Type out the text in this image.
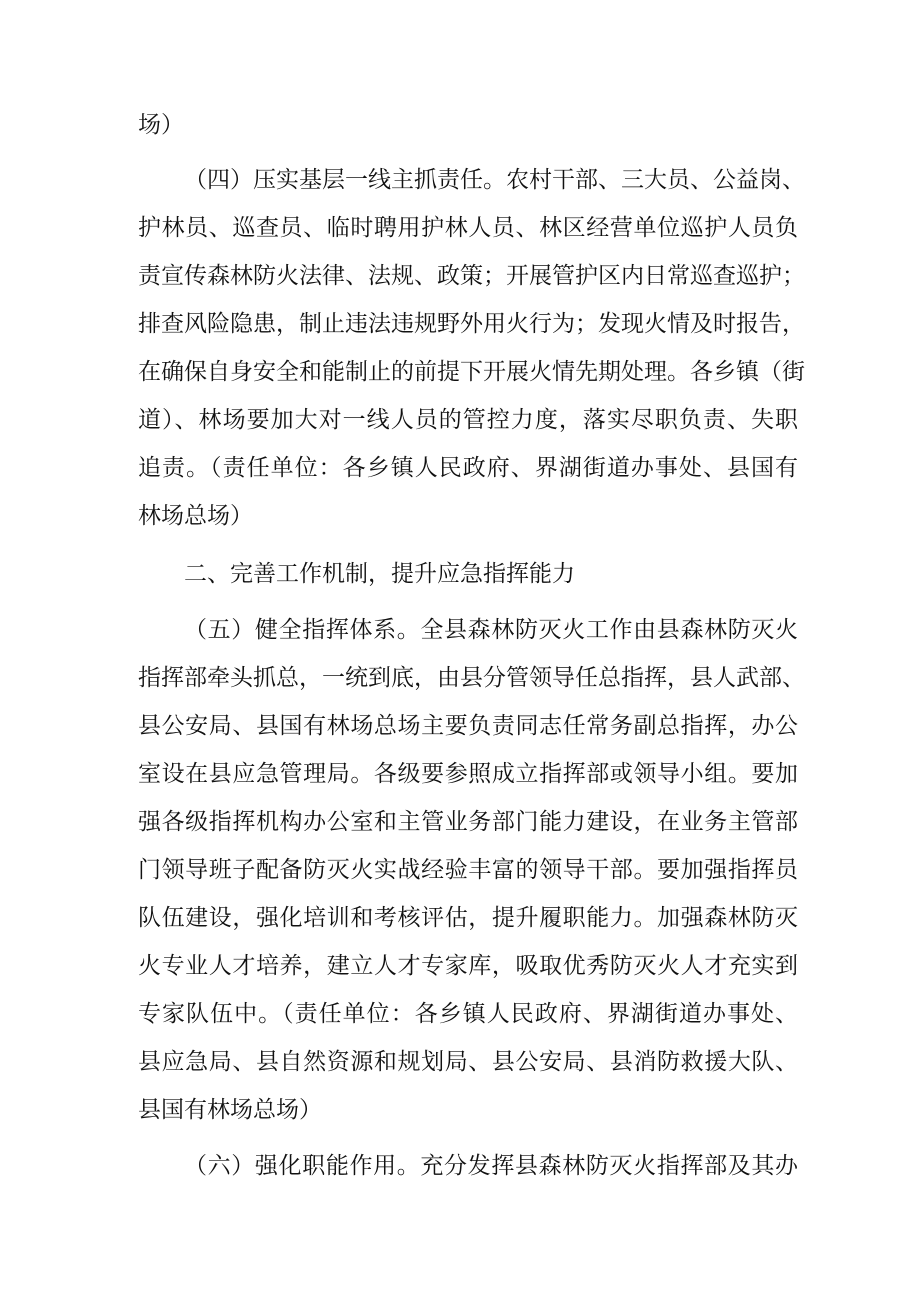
场）
（四）压实基层一线主抓责任。农村干部、三大员、公益岗、
护林员、巡查员、临时聘用护林人员、林区经营单位巡护人员负
责宣传森林防火法律、法规、政策；开展管护区内日常巡查巡护；
排查风险隐患，制止违法违规野外用火行为；发现火情及时报告，
在确保自身安全和能制止的前提下开展火情先期处理。各乡镇（街
道）、林场要加大对一线人员的管控力度，落实尽职负责、失职
追责。（责任单位：各乡镇人民政府、界湖街道办事处、县国有
林场总场）
二、完善工作机制，提升应急指挥能力
（五）健全指挥体系。全县森林防灭火工作由县森林防灭火
指挥部牵头抓总，一统到底，由县分管领导任总指挥，县人武部、
县公安局、县国有林场总场主要负责同志任常务副总指挥，办公
室设在县应急管理局。各级要参照成立指挥部或领导小组。要加
强各级指挥机构办公室和主管业务部门能力建设，在业务主管部
门领导班子配备防灭火实战经验丰富的领导干部。要加强指挥员
队伍建设，强化培训和考核评估，提升履职能力。加强森林防灭
火专业人才培养，建立人才专家库，吸取优秀防灭火人才充实到
专家队伍中。（责任单位：各乡镇人民政府、界湖街道办事处、
县应急局、县自然资源和规划局、县公安局、县消防救援大队、
县国有林场总场）
（六）强化职能作用。充分发挥县森林防灭火指挥部及其办
